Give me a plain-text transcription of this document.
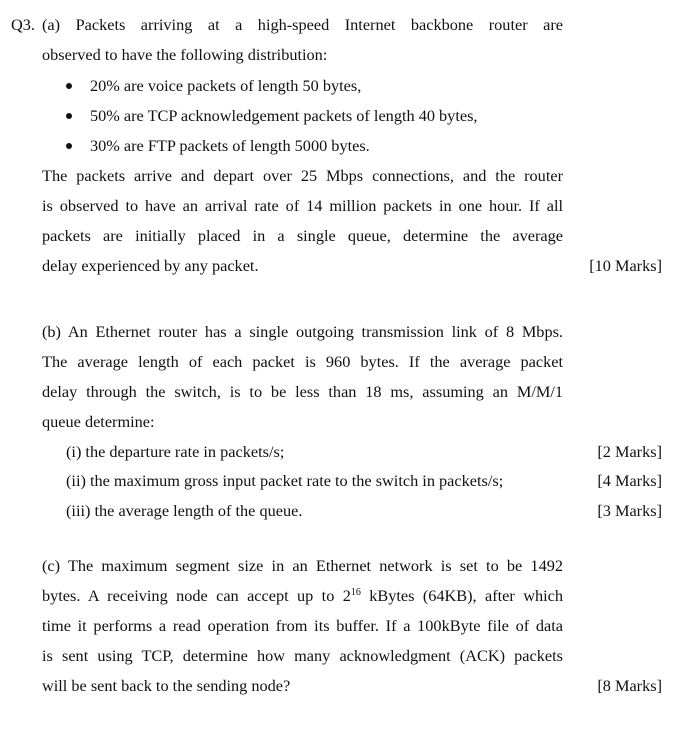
Q3. (a) Packets arriving at a high-speed Internet backbone router are
observed to have the following distribution:
20% are voice packets of length 50 bytes,
50% are TCP acknowledgement packets of length 40 bytes,
30% are FTP packets of length 5000 bytes.
The packets arrive and depart over 25 Mbps connections, and the router
is observed to have an arrival rate of 14 million packets in one hour. If all
packets are initially placed in a single queue, determine the average
delay experienced by any packet.	[10 Marks]
(b) An Ethernet router has a single outgoing transmission link of 8 Mbps.
The average length of each packet is 960 bytes. If the average packet
delay through the switch, is to be less than 18 ms, assuming an M/M/1
queue determine:
(i) the departure rate in packets/s;	[2 Marks]
(ii) the maximum gross input packet rate to the switch in packets/s;	[4 Marks]
(iii) the average length of the queue.	[3 Marks]
(c) The maximum segment size in an Ethernet network is set to be 1492
bytes. A receiving node can accept up to $2^{16}$ kBytes (64KB), after which
time it performs a read operation from its buffer. If a 100kByte file of data
is sent using TCP, determine how many acknowledgment (ACK) packets
will be sent back to the sending node?	[8 Marks]
